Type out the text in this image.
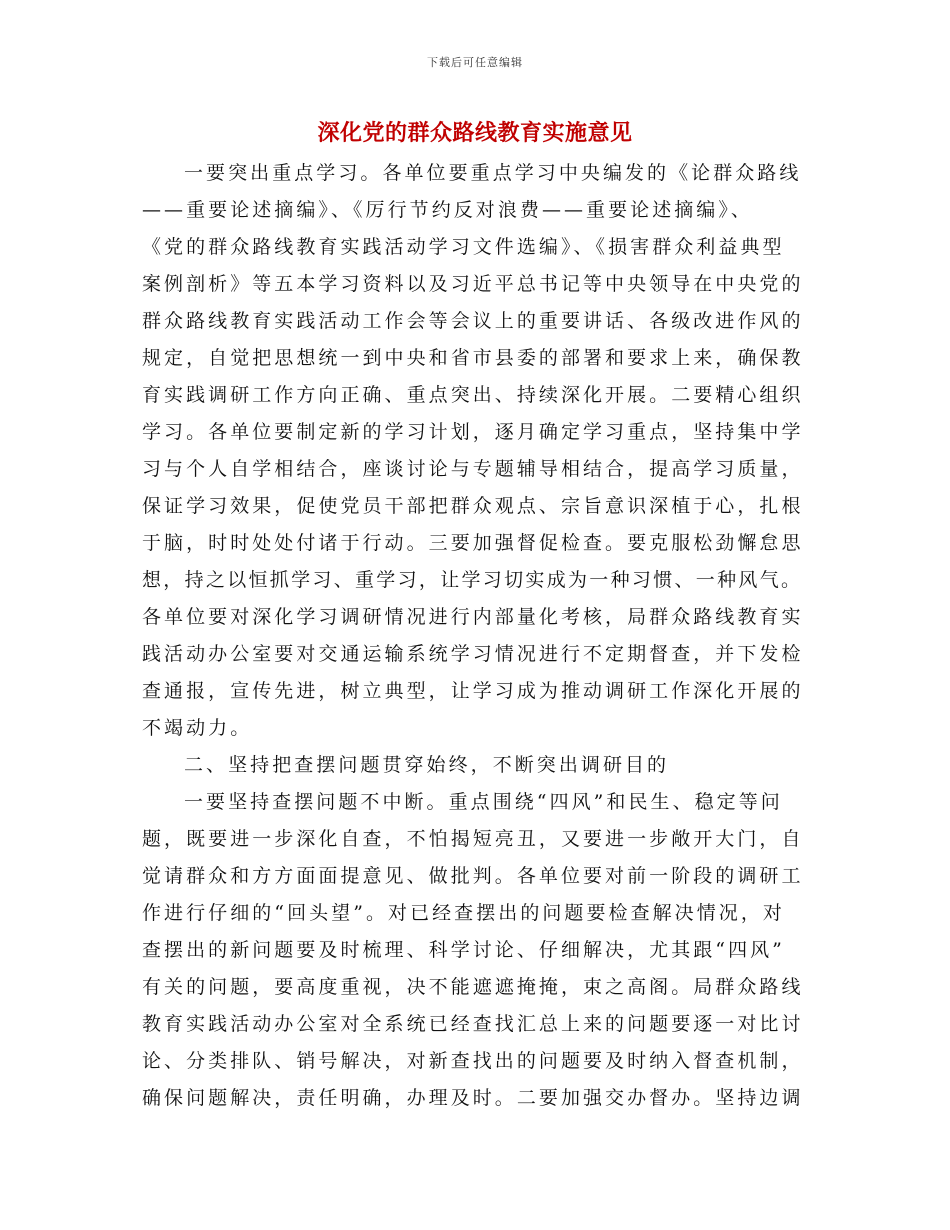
下载后可任意编辑
深化党的群众路线教育实施意见
一要突出重点学习。各单位要重点学习中央编发的《论群众路线
——重要论述摘编》、《厉行节约反对浪费——重要论述摘编》、
《党的群众路线教育实践活动学习文件选编》、《损害群众利益典型
案例剖析》等五本学习资料以及习近平总书记等中央领导在中央党的
群众路线教育实践活动工作会等会议上的重要讲话、各级改进作风的
规定，自觉把思想统一到中央和省市县委的部署和要求上来，确保教
育实践调研工作方向正确、重点突出、持续深化开展。二要精心组织
学习。各单位要制定新的学习计划，逐月确定学习重点，坚持集中学
习与个人自学相结合，座谈讨论与专题辅导相结合，提高学习质量，
保证学习效果，促使党员干部把群众观点、宗旨意识深植于心，扎根
于脑，时时处处付诸于行动。三要加强督促检查。要克服松劲懈怠思
想，持之以恒抓学习、重学习，让学习切实成为一种习惯、一种风气。
各单位要对深化学习调研情况进行内部量化考核，局群众路线教育实
践活动办公室要对交通运输系统学习情况进行不定期督查，并下发检
查通报，宣传先进，树立典型，让学习成为推动调研工作深化开展的
不竭动力。
二、坚持把查摆问题贯穿始终，不断突出调研目的
一要坚持查摆问题不中断。重点围绕“四风”和民生、稳定等问
题，既要进一步深化自查，不怕揭短亮丑，又要进一步敞开大门，自
觉请群众和方方面面提意见、做批判。各单位要对前一阶段的调研工
作进行仔细的“回头望”。对已经查摆出的问题要检查解决情况，对
查摆出的新问题要及时梳理、科学讨论、仔细解决，尤其跟“四风”
有关的问题，要高度重视，决不能遮遮掩掩，束之高阁。局群众路线
教育实践活动办公室对全系统已经查找汇总上来的问题要逐一对比讨
论、分类排队、销号解决，对新查找出的问题要及时纳入督查机制，
确保问题解决，责任明确，办理及时。二要加强交办督办。坚持边调
